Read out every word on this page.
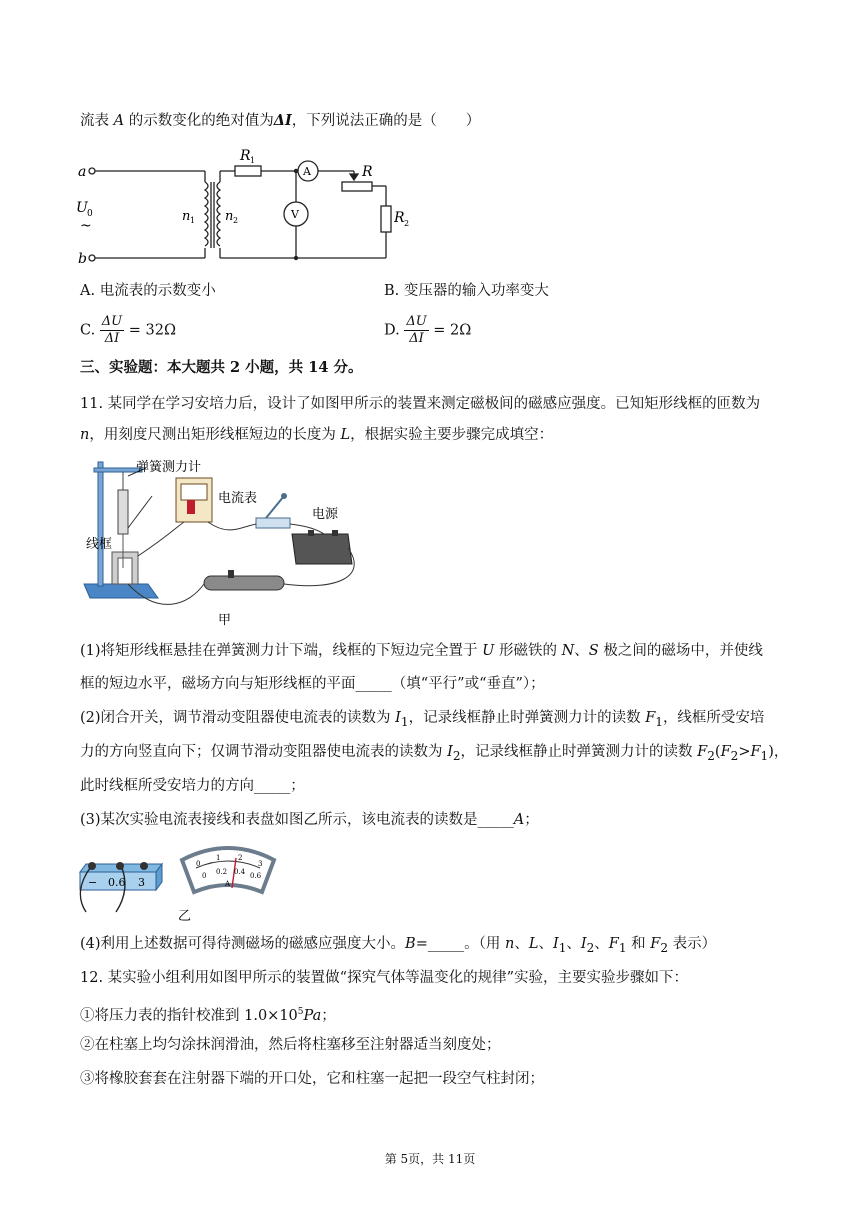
流表 A 的示数变化的绝对值为ΔI，下列说法正确的是（　　）
a
b
U 0
~
n 1 n 2
R 1
A
V
R
R 2
A. 电流表的示数变小	B. 变压器的输入功率变大
C. $\frac{\Delta U}{\Delta I} = 32\Omega$	D. $\frac{\Delta U}{\Delta I} = 2\Omega$
三、实验题：本大题共 2 小题，共 14 分。
11. 某同学在学习安培力后，设计了如图甲所示的装置来测定磁极间的磁感应强度。已知矩形线框的匝数为
n，用刻度尺测出矩形线框短边的长度为 L，根据实验主要步骤完成填空：
弹簧测力计
电流表
电源
线框
甲
(1)将矩形线框悬挂在弹簧测力计下端，线框的下短边完全置于 U 形磁铁的 N、S 极之间的磁场中，并使线
框的短边水平，磁场方向与矩形线框的平面_____（填“平行”或“垂直”）；
(2)闭合开关，调节滑动变阻器使电流表的读数为 $I_1$，记录线框静止时弹簧测力计的读数 $F_1$，线框所受安培
力的方向竖直向下；仅调节滑动变阻器使电流表的读数为 $I_2$，记录线框静止时弹簧测力计的读数 $F_2(F_2>F_1)$，
此时线框所受安培力的方向_____；
(3)某次实验电流表接线和表盘如图乙所示，该电流表的读数是_____A；
− 0.6 3
0
1	2
3
0 0.2 0.4 0.6
A
乙
(4)利用上述数据可得待测磁场的磁感应强度大小。B=_____。（用 n、L、$I_1$、$I_2$、$F_1$ 和 $F_2$ 表示）
12. 某实验小组利用如图甲所示的装置做“探究气体等温变化的规律”实验，主要实验步骤如下：
①将压力表的指针校准到 $1.0\times 10^5Pa$；
②在柱塞上均匀涂抹润滑油，然后将柱塞移至注射器适当刻度处；
③将橡胶套套在注射器下端的开口处，它和柱塞一起把一段空气柱封闭；
第 5页，共 11页
